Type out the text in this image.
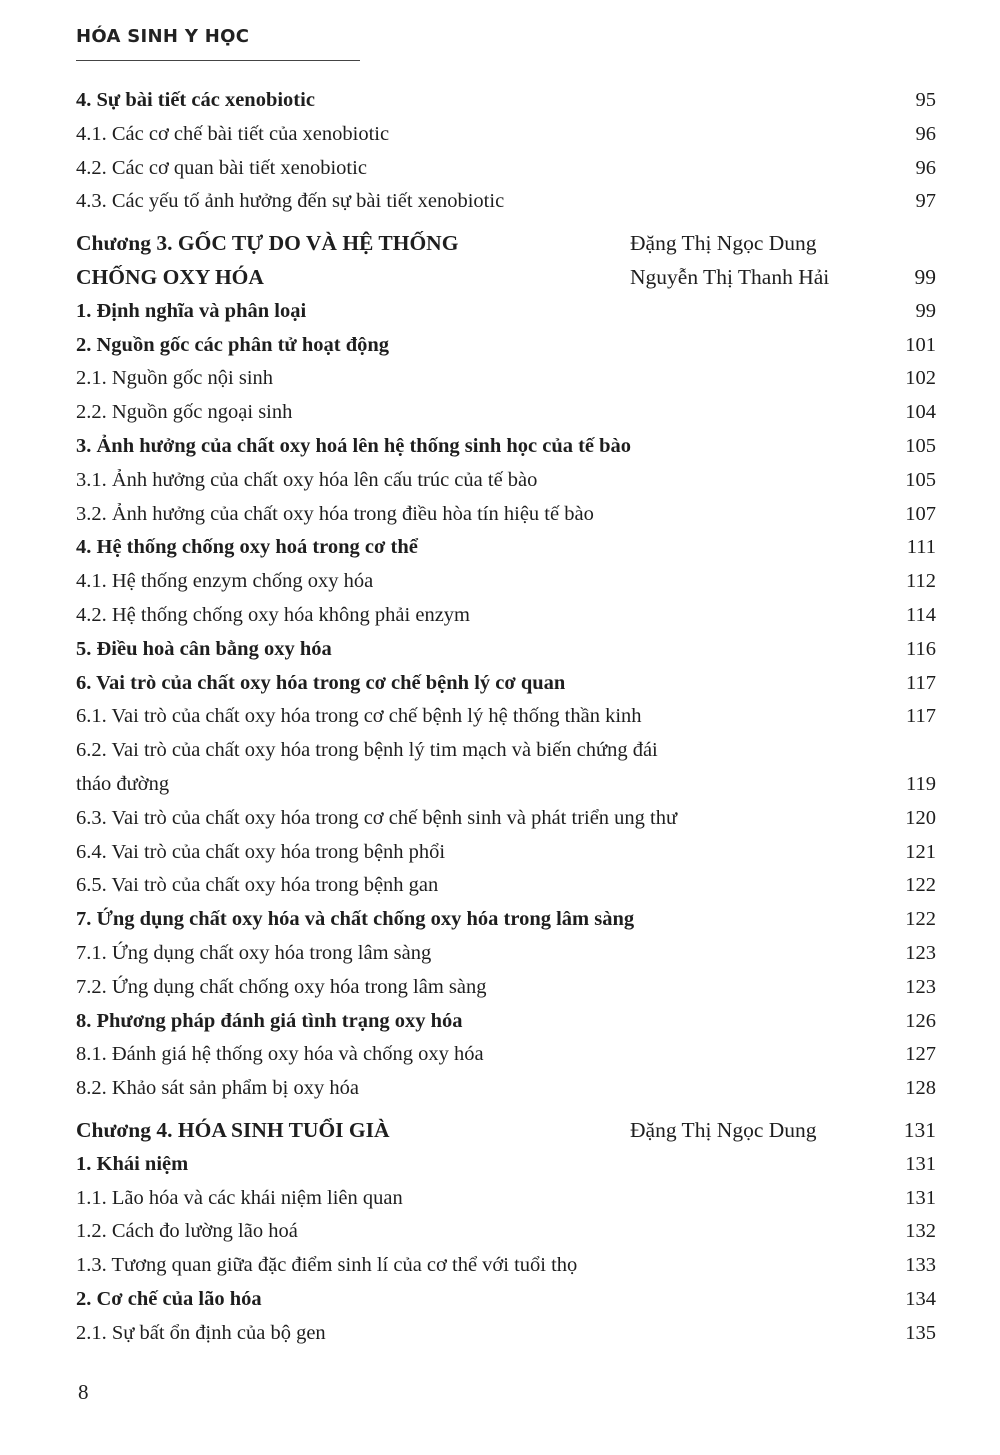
HÓA SINH Y HỌC
4. Sự bài tiết các xenobiotic	95
4.1. Các cơ chế bài tiết của xenobiotic	96
4.2. Các cơ quan bài tiết xenobiotic	96
4.3. Các yếu tố ảnh hưởng đến sự bài tiết xenobiotic	97
Chương 3. GỐC TỰ DO VÀ HỆ THỐNG	Đặng Thị Ngọc Dung
CHỐNG OXY HÓA	Nguyễn Thị Thanh Hải	99
1. Định nghĩa và phân loại	99
2. Nguồn gốc các phân tử hoạt động	101
2.1. Nguồn gốc nội sinh	102
2.2. Nguồn gốc ngoại sinh	104
3. Ảnh hưởng của chất oxy hoá lên hệ thống sinh học của tế bào	105
3.1. Ảnh hưởng của chất oxy hóa lên cấu trúc của tế bào	105
3.2. Ảnh hưởng của chất oxy hóa trong điều hòa tín hiệu tế bào	107
4. Hệ thống chống oxy hoá trong cơ thể	111
4.1. Hệ thống enzym chống oxy hóa	112
4.2. Hệ thống chống oxy hóa không phải enzym	114
5. Điều hoà cân bằng oxy hóa	116
6. Vai trò của chất oxy hóa trong cơ chế bệnh lý cơ quan	117
6.1. Vai trò của chất oxy hóa trong cơ chế bệnh lý hệ thống thần kinh	117
6.2. Vai trò của chất oxy hóa trong bệnh lý tim mạch và biến chứng đái
tháo đường	119
6.3. Vai trò của chất oxy hóa trong cơ chế bệnh sinh và phát triển ung thư	120
6.4. Vai trò của chất oxy hóa trong bệnh phổi	121
6.5. Vai trò của chất oxy hóa trong bệnh gan	122
7. Ứng dụng chất oxy hóa và chất chống oxy hóa trong lâm sàng	122
7.1. Ứng dụng chất oxy hóa trong lâm sàng	123
7.2. Ứng dụng chất chống oxy hóa trong lâm sàng	123
8. Phương pháp đánh giá tình trạng oxy hóa	126
8.1. Đánh giá hệ thống oxy hóa và chống oxy hóa	127
8.2. Khảo sát sản phẩm bị oxy hóa	128
Chương 4. HÓA SINH TUỔI GIÀ	Đặng Thị Ngọc Dung	131
1. Khái niệm	131
1.1. Lão hóa và các khái niệm liên quan	131
1.2. Cách đo lường lão hoá	132
1.3. Tương quan giữa đặc điểm sinh lí của cơ thể với tuổi thọ	133
2. Cơ chế của lão hóa	134
2.1. Sự bất ổn định của bộ gen	135
8
